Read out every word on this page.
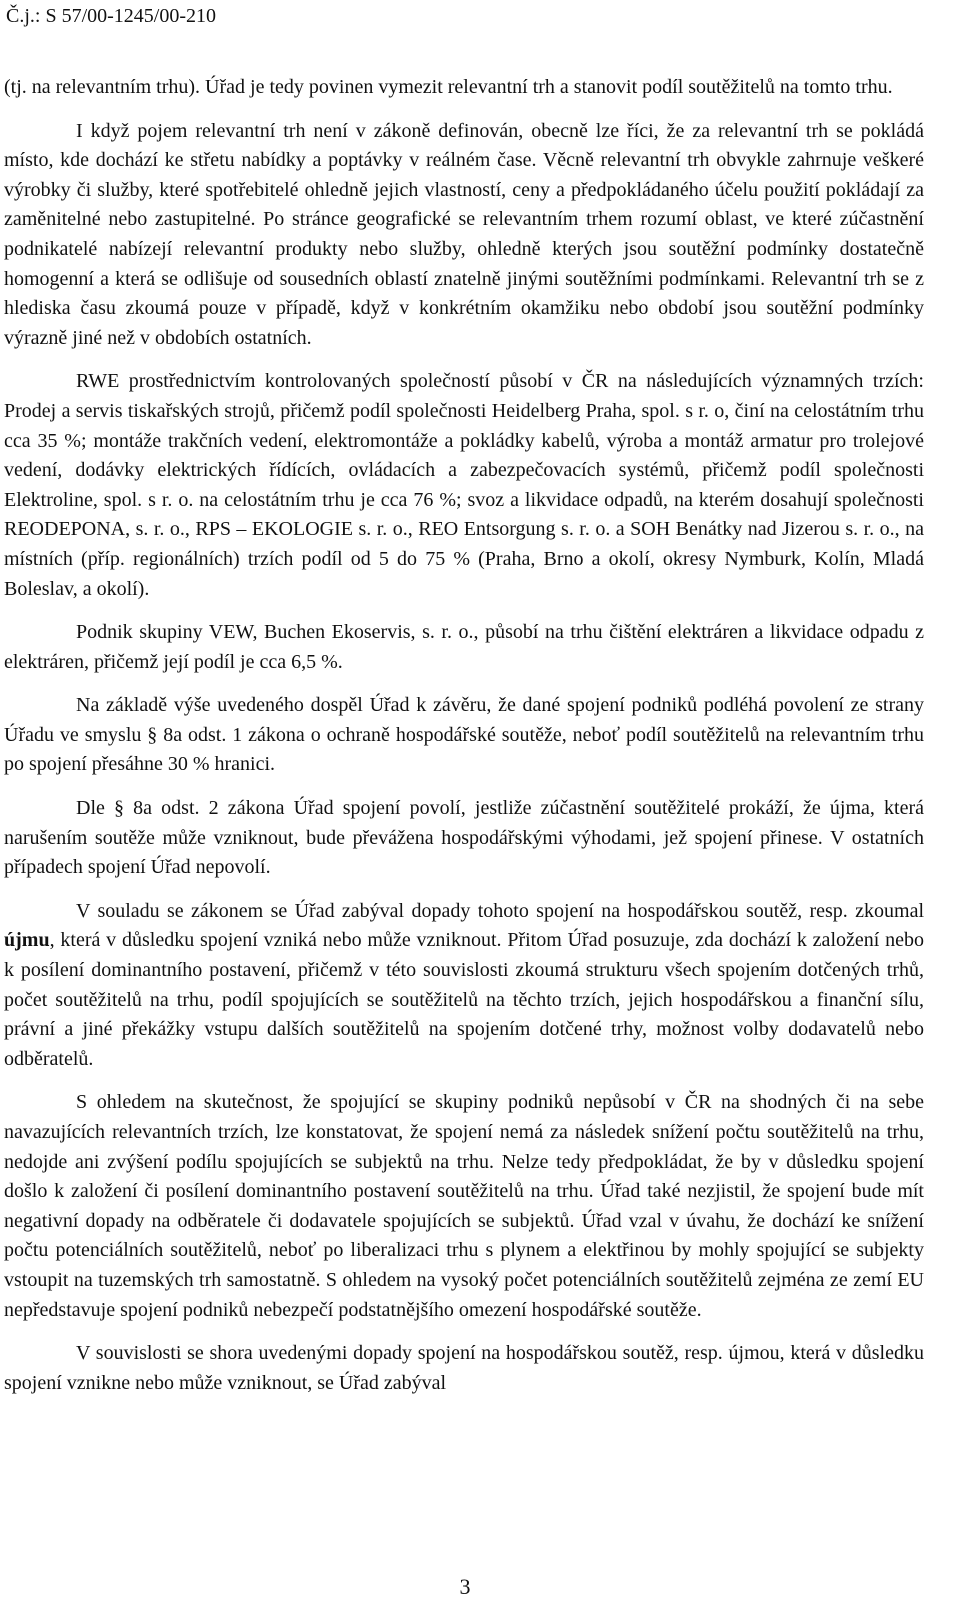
Č.j.: S 57/00-1245/00-210

(tj. na relevantním trhu). Úřad je tedy povinen vymezit relevantní trh a stanovit podíl soutěžitelů na tomto trhu.

I když pojem relevantní trh není v zákoně definován, obecně lze říci, že za relevantní trh se pokládá místo, kde dochází ke střetu nabídky a poptávky v reálném čase. Věcně relevantní trh obvykle zahrnuje veškeré výrobky či služby, které spotřebitelé ohledně jejich vlastností, ceny a předpokládaného účelu použití pokládají za zaměnitelné nebo zastupitelné. Po stránce geografické se relevantním trhem rozumí oblast, ve které zúčastnění podnikatelé nabízejí relevantní produkty nebo služby, ohledně kterých jsou soutěžní podmínky dostatečně homogenní a která se odlišuje od sousedních oblastí znatelně jinými soutěžními podmínkami. Relevantní trh se z hlediska času zkoumá pouze v případě, když v konkrétním okamžiku nebo období jsou soutěžní podmínky výrazně jiné než v obdobích ostatních.

RWE prostřednictvím kontrolovaných společností působí v ČR na následujících významných trzích: Prodej a servis tiskařských strojů, přičemž podíl společnosti Heidelberg Praha, spol. s r. o, činí na celostátním trhu cca 35 %; montáže trakčních vedení, elektromontáže a pokládky kabelů, výroba a montáž armatur pro trolejové vedení, dodávky elektrických řídících, ovládacích a zabezpečovacích systémů, přičemž podíl společnosti Elektroline, spol. s r. o. na celostátním trhu je cca 76 %; svoz a likvidace odpadů, na kterém dosahují společnosti REODEPONA, s. r. o., RPS – EKOLOGIE s. r. o., REO Entsorgung s. r. o. a SOH Benátky nad Jizerou s. r. o., na místních (příp. regionálních) trzích podíl od 5 do 75 % (Praha, Brno a okolí, okresy Nymburk, Kolín, Mladá Boleslav, a okolí).

Podnik skupiny VEW, Buchen Ekoservis, s. r. o., působí na trhu čištění elektráren a likvidace odpadu z elektráren, přičemž její podíl je cca 6,5 %.

Na základě výše uvedeného dospěl Úřad k závěru, že dané spojení podniků podléhá povolení ze strany Úřadu ve smyslu § 8a odst. 1 zákona o ochraně hospodářské soutěže, neboť podíl soutěžitelů na relevantním trhu po spojení přesáhne 30 % hranici.

Dle § 8a odst. 2 zákona Úřad spojení povolí, jestliže zúčastnění soutěžitelé prokáží, že újma, která narušením soutěže může vzniknout, bude převážena hospodářskými výhodami, jež spojení přinese. V ostatních případech spojení Úřad nepovolí.

V souladu se zákonem se Úřad zabýval dopady tohoto spojení na hospodářskou soutěž, resp. zkoumal újmu, která v důsledku spojení vzniká nebo může vzniknout. Přitom Úřad posuzuje, zda dochází k založení nebo k posílení dominantního postavení, přičemž v této souvislosti zkoumá strukturu všech spojením dotčených trhů, počet soutěžitelů na trhu, podíl spojujících se soutěžitelů na těchto trzích, jejich hospodářskou a finanční sílu, právní a jiné překážky vstupu dalších soutěžitelů na spojením dotčené trhy, možnost volby dodavatelů nebo odběratelů.

S ohledem na skutečnost, že spojující se skupiny podniků nepůsobí v ČR na shodných či na sebe navazujících relevantních trzích, lze konstatovat, že spojení nemá za následek snížení počtu soutěžitelů na trhu, nedojde ani zvýšení podílu spojujících se subjektů na trhu. Nelze tedy předpokládat, že by v důsledku spojení došlo k založení či posílení dominantního postavení soutěžitelů na trhu. Úřad také nezjistil, že spojení bude mít negativní dopady na odběratele či dodavatele spojujících se subjektů. Úřad vzal v úvahu, že dochází ke snížení počtu potenciálních soutěžitelů, neboť po liberalizaci trhu s plynem a elektřinou by mohly spojující se subjekty vstoupit na tuzemských trh samostatně. S ohledem na vysoký počet potenciálních soutěžitelů zejména ze zemí EU nepředstavuje spojení podniků nebezpečí podstatnějšího omezení hospodářské soutěže.

V souvislosti se shora uvedenými dopady spojení na hospodářskou soutěž, resp. újmou, která v důsledku spojení vznikne nebo může vzniknout, se Úřad zabýval

3
